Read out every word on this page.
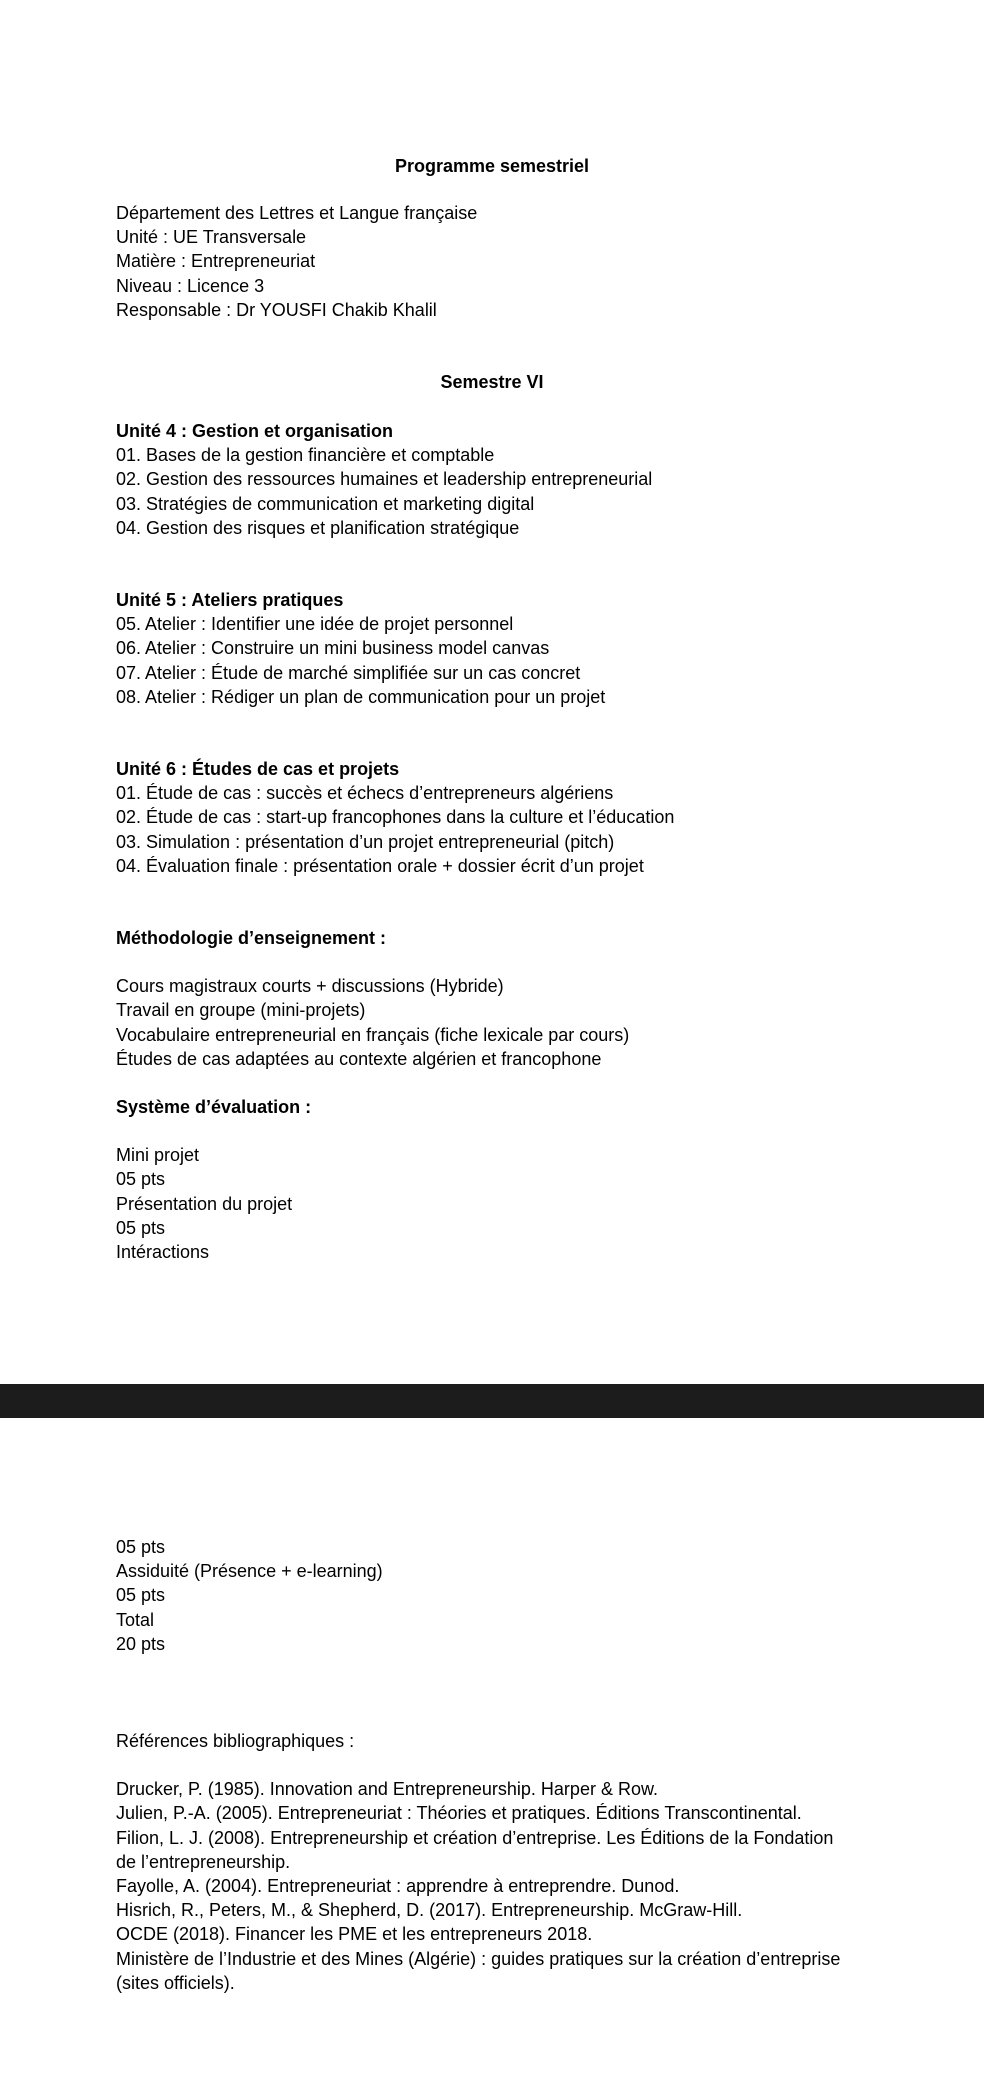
Programme semestriel
Département des Lettres et Langue française
Unité : UE Transversale
Matière : Entrepreneuriat
Niveau : Licence 3
Responsable : Dr YOUSFI Chakib Khalil
Semestre VI
Unité 4 : Gestion et organisation
01. Bases de la gestion financière et comptable
02. Gestion des ressources humaines et leadership entrepreneurial
03. Stratégies de communication et marketing digital
04. Gestion des risques et planification stratégique
Unité 5 : Ateliers pratiques
05. Atelier : Identifier une idée de projet personnel
06. Atelier : Construire un mini business model canvas
07. Atelier : Étude de marché simplifiée sur un cas concret
08. Atelier : Rédiger un plan de communication pour un projet
Unité 6 : Études de cas et projets
01. Étude de cas : succès et échecs d’entrepreneurs algériens
02. Étude de cas : start-up francophones dans la culture et l’éducation
03. Simulation : présentation d’un projet entrepreneurial (pitch)
04. Évaluation finale : présentation orale + dossier écrit d’un projet
Méthodologie d’enseignement :
Cours magistraux courts + discussions (Hybride)
Travail en groupe (mini-projets)
Vocabulaire entrepreneurial en français (fiche lexicale par cours)
Études de cas adaptées au contexte algérien et francophone
Système d’évaluation :
Mini projet
05 pts
Présentation du projet
05 pts
Intéractions
05 pts
Assiduité (Présence + e-learning)
05 pts
Total
20 pts
Références bibliographiques :
Drucker, P. (1985). Innovation and Entrepreneurship. Harper & Row.
Julien, P.-A. (2005). Entrepreneuriat : Théories et pratiques. Éditions Transcontinental.
Filion, L. J. (2008). Entrepreneurship et création d’entreprise. Les Éditions de la Fondation
de l’entrepreneurship.
Fayolle, A. (2004). Entrepreneuriat : apprendre à entreprendre. Dunod.
Hisrich, R., Peters, M., & Shepherd, D. (2017). Entrepreneurship. McGraw-Hill.
OCDE (2018). Financer les PME et les entrepreneurs 2018.
Ministère de l’Industrie et des Mines (Algérie) : guides pratiques sur la création d’entreprise
(sites officiels).
